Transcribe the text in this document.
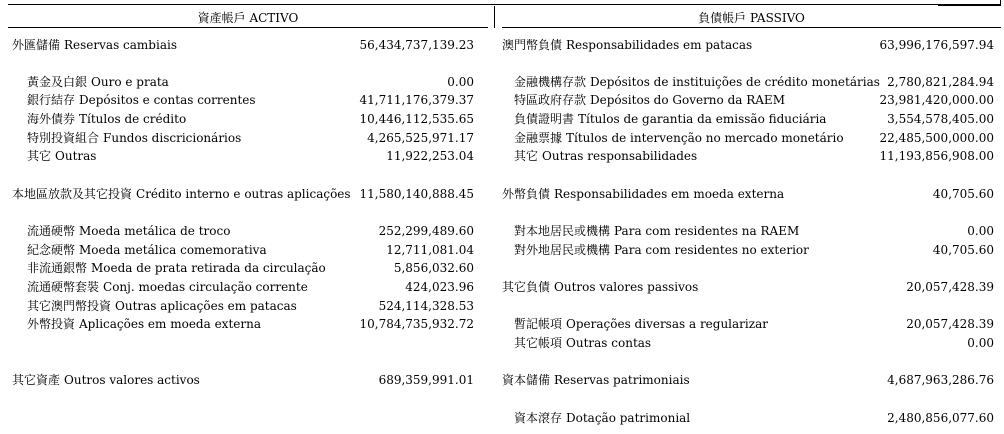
資產帳戶 ACTIVO	負債帳戶 PASSIVO
外匯儲備 Reservas cambiais	56,434,737,139.23
黃金及白銀 Ouro e prata	0.00
銀行結存 Depósitos e contas correntes	41,711,176,379.37
海外債券 Títulos de crédito	10,446,112,535.65
特別投資組合 Fundos discricionários	4,265,525,971.17
其它 Outras	11,922,253.04
本地區放款及其它投資 Crédito interno e outras aplicações 11,580,140,888.45
流通硬幣 Moeda metálica de troco	252,299,489.60
紀念硬幣 Moeda metálica comemorativa	12,711,081.04
非流通銀幣 Moeda de prata retirada da circulação	5,856,032.60
流通硬幣套裝 Conj. moedas circulação corrente	424,023.96
其它澳門幣投資 Outras aplicações em patacas	524,114,328.53
外幣投資 Aplicações em moeda externa	10,784,735,932.72
其它資產 Outros valores activos	689,359,991.01
澳門幣負債 Responsabilidades em patacas	63,996,176,597.94
金融機構存款 Depósitos de instituições de crédito monetárias 2,780,821,284.94
特區政府存款 Depósitos do Governo da RAEM	23,981,420,000.00
負債證明書 Títulos de garantia da emissão fiduciária	3,554,578,405.00
金融票據 Títulos de intervenção no mercado monetário	22,485,500,000.00
其它 Outras responsabilidades	11,193,856,908.00
外幣負債 Responsabilidades em moeda externa	40,705.60
對本地居民或機構 Para com residentes na RAEM	0.00
對外地居民或機構 Para com residentes no exterior	40,705.60
其它負債 Outros valores passivos	20,057,428.39
暫記帳項 Operações diversas a regularizar	20,057,428.39
其它帳項 Outras contas	0.00
資本儲備 Reservas patrimoniais	4,687,963,286.76
資本滾存 Dotação patrimonial	2,480,856,077.60
